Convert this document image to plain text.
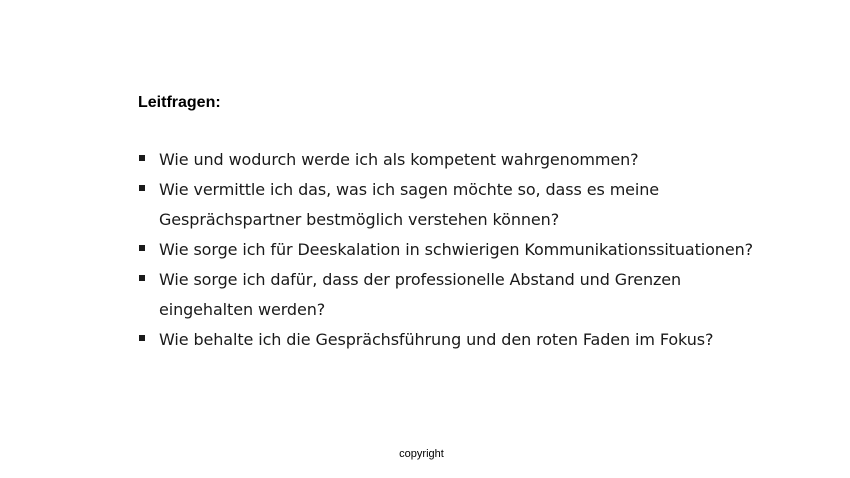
Leitfragen:
Wie und wodurch werde ich als kompetent wahrgenommen?
Wie vermittle ich das, was ich sagen möchte so, dass es meine Gesprächspartner bestmöglich verstehen können?
Wie sorge ich für Deeskalation in schwierigen Kommunikationssituationen?
Wie sorge ich dafür, dass der professionelle Abstand und Grenzen eingehalten werden?
Wie behalte ich die Gesprächsführung und den roten Faden im Fokus?
copyright
